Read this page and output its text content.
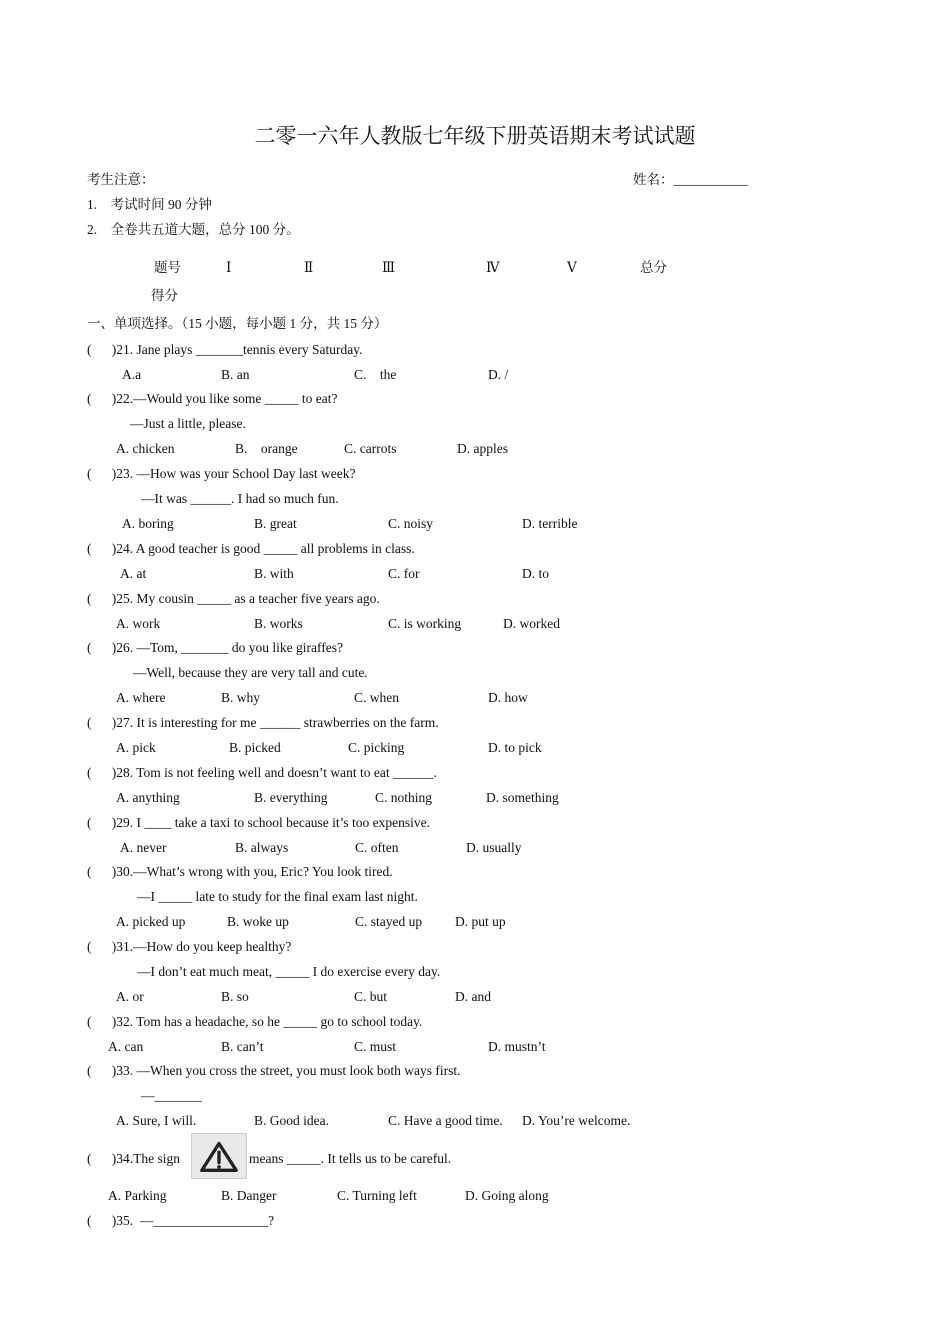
二零一六年人教版七年级下册英语期末考试试题
考生注意：	姓名：___________
1.    考试时间 90 分钟
2.    全卷共五道大题，总分 100 分。
题号	Ⅰ	Ⅱ	Ⅲ	Ⅳ	Ⅴ	总分
得分
一、单项选择。（15 小题，每小题 1 分，共 15 分）
(      )21. Jane plays _______tennis every Saturday.
A.a	B. an	C.    the	D. /
(      )22.—Would you like some _____ to eat?
—Just a little, please.
A. chicken	B.    orange	C. carrots	D. apples
(      )23. —How was your School Day last week?
—It was ______. I had so much fun.
A. boring	B. great	C. noisy	D. terrible
(      )24. A good teacher is good _____ all problems in class.
A. at	B. with	C. for	D. to
(      )25. My cousin _____ as a teacher five years ago.
A. work	B. works	C. is working	D. worked
(      )26. —Tom, _______ do you like giraffes?
—Well, because they are very tall and cute.
A. where	B. why	C. when	D. how
(      )27. It is interesting for me ______ strawberries on the farm.
A. pick	B. picked	C. picking	D. to pick
(      )28. Tom is not feeling well and doesn’t want to eat ______.
A. anything	B. everything	C. nothing	D. something
(      )29. I ____ take a taxi to school because it’s too expensive.
A. never	B. always	C. often	D. usually
(      )30.—What’s wrong with you, Eric? You look tired.
—I _____ late to study for the final exam last night.
A. picked up	B. woke up	C. stayed up D. put up
(      )31.—How do you keep healthy?
—I don’t eat much meat, _____ I do exercise every day.
A. or	B. so	C. but	D. and
(      )32. Tom has a headache, so he _____ go to school today.
A. can	B. can’t	C. must	D. mustn’t
(      )33. —When you cross the street, you must look both ways first.
—_______
A. Sure, I will.	B. Good idea.	C. Have a good time. D. You’re welcome.
(      )34.The sign	means _____. It tells us to be careful.
A. Parking	B. Danger	C. Turning left	D. Going along
(      )35.  —_________________?
